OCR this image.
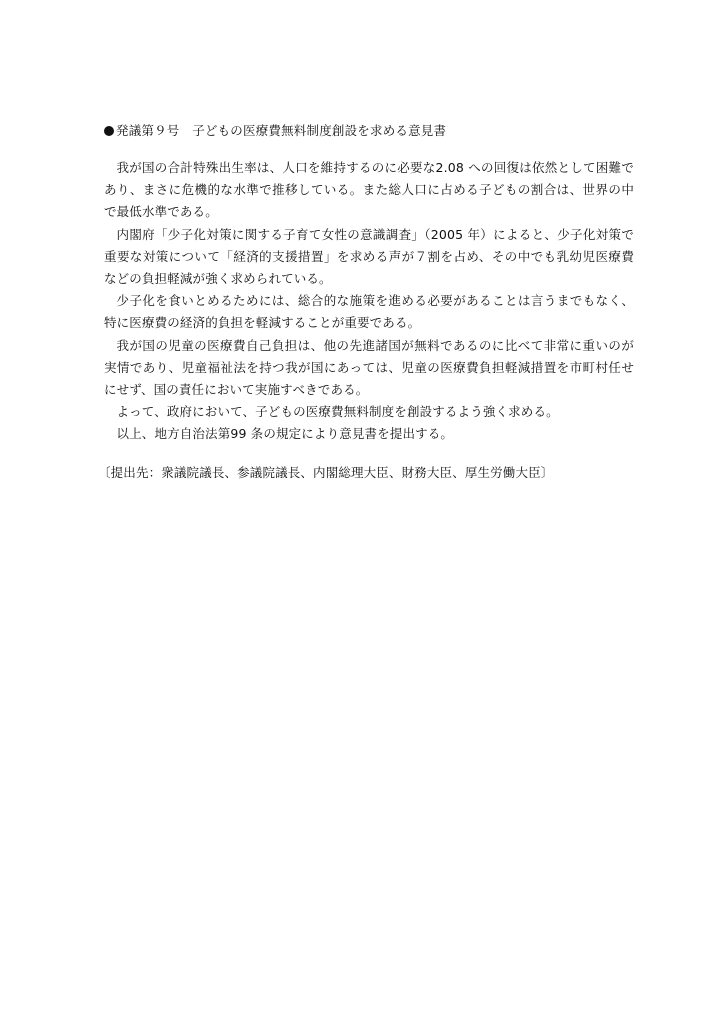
発議第９号　子どもの医療費無料制度創設を求める意見書

我が国の合計特殊出生率は、人口を維持するのに必要な2.08 への回復は依然として困難であり、まさに危機的な水準で推移している。また総人口に占める子どもの割合は、世界の中で最低水準である。

内閣府「少子化対策に関する子育て女性の意識調査」（2005 年）によると、少子化対策で重要な対策について「経済的支援措置」を求める声が７割を占め、その中でも乳幼児医療費などの負担軽減が強く求められている。

少子化を食いとめるためには、総合的な施策を進める必要があることは言うまでもなく、特に医療費の経済的負担を軽減することが重要である。

我が国の児童の医療費自己負担は、他の先進諸国が無料であるのに比べて非常に重いのが実情であり、児童福祉法を持つ我が国にあっては、児童の医療費負担軽減措置を市町村任せにせず、国の責任において実施すべきである。

よって、政府において、子どもの医療費無料制度を創設するよう強く求める。

以上、地方自治法第99 条の規定により意見書を提出する。

〔提出先：衆議院議長、参議院議長、内閣総理大臣、財務大臣、厚生労働大臣〕
